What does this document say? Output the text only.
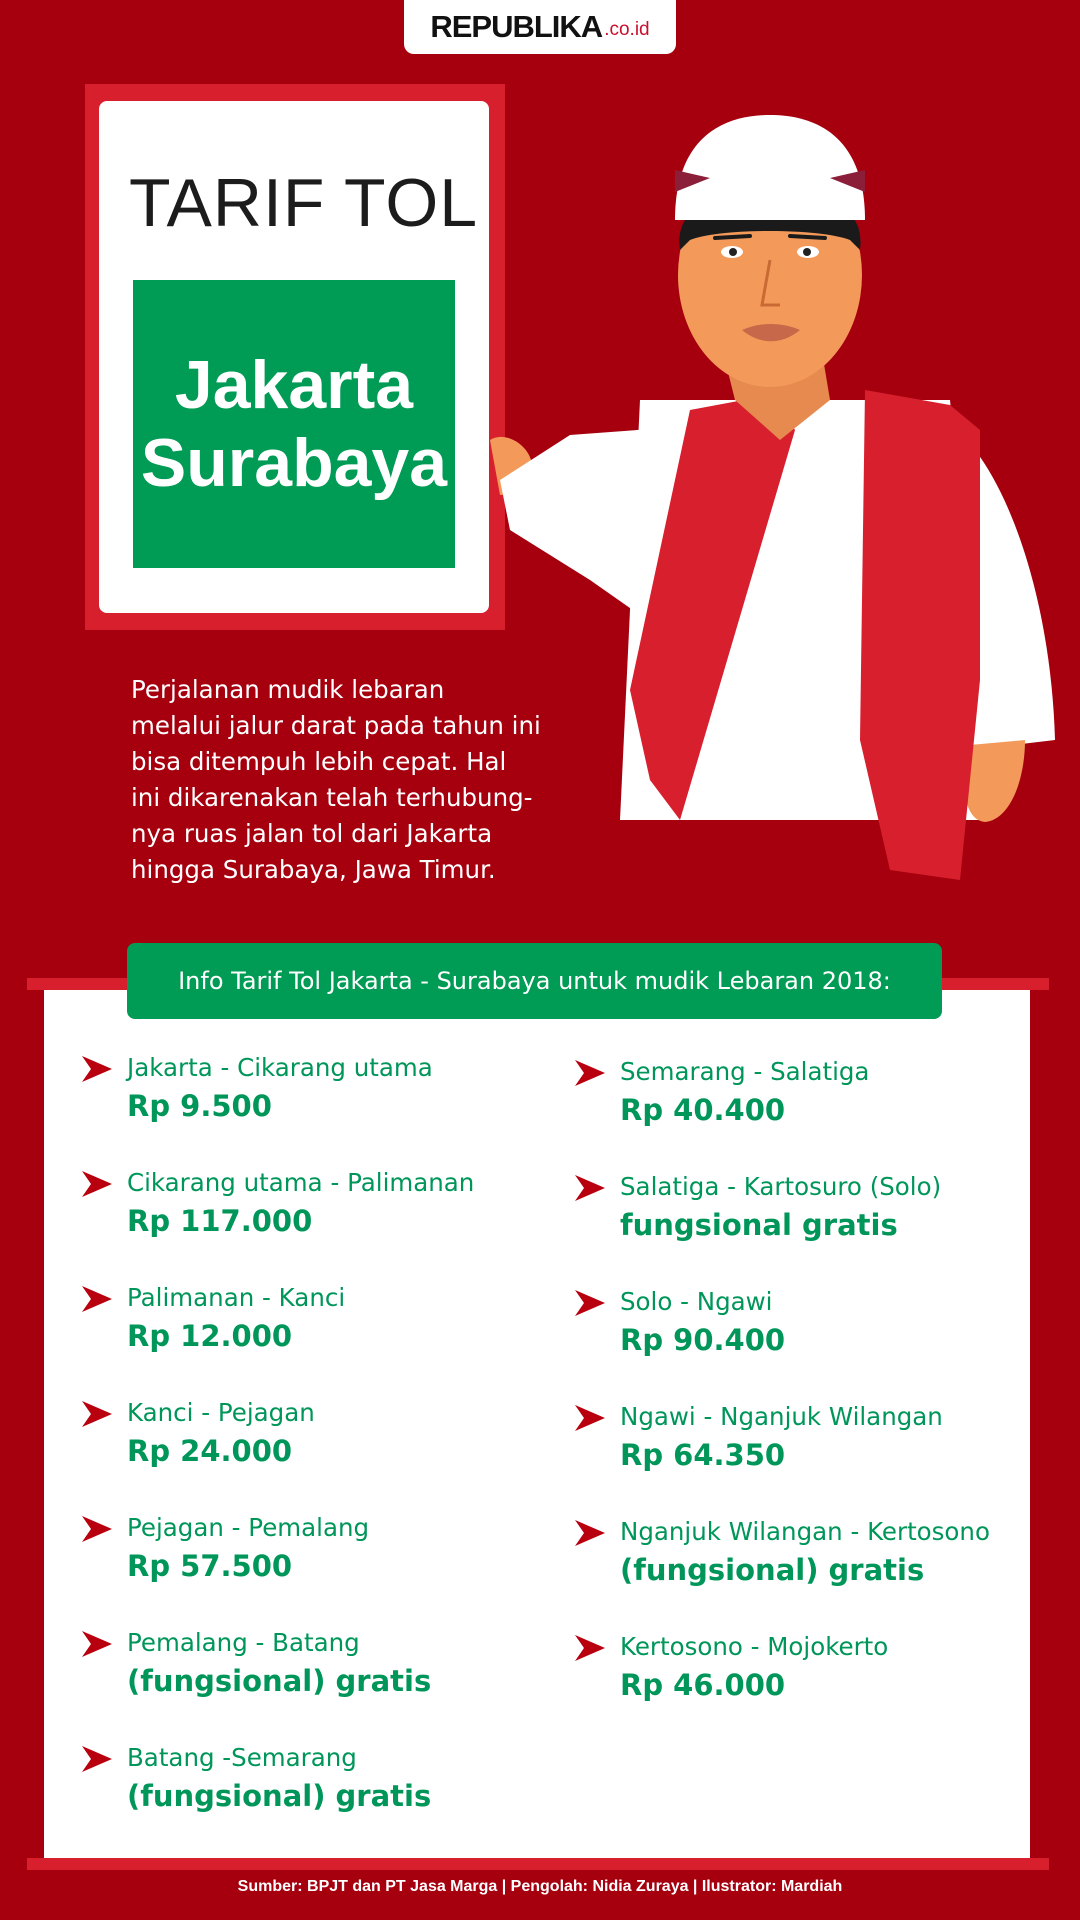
REPUBLIKA .co.id
TARIF TOL
Jakarta
Surabaya
Perjalanan mudik lebaran
melalui jalur darat pada tahun ini
bisa ditempuh lebih cepat. Hal
ini dikarenakan telah terhubung-
nya ruas jalan tol dari Jakarta
hingga Surabaya, Jawa Timur.
Info Tarif Tol Jakarta - Surabaya untuk mudik Lebaran 2018:
Jakarta - Cikarang utama
Rp 9.500
Cikarang utama - Palimanan
Rp 117.000
Palimanan - Kanci
Rp 12.000
Kanci - Pejagan
Rp 24.000
Pejagan - Pemalang
Rp 57.500
Pemalang - Batang
(fungsional) gratis
Batang -Semarang
(fungsional) gratis
Semarang - Salatiga
Rp 40.400
Salatiga - Kartosuro (Solo)
fungsional gratis
Solo - Ngawi
Rp 90.400
Ngawi - Nganjuk Wilangan
Rp 64.350
Nganjuk Wilangan - Kertosono
(fungsional) gratis
Kertosono - Mojokerto
Rp 46.000
Sumber: BPJT dan PT Jasa Marga | Pengolah: Nidia Zuraya | Ilustrator: Mardiah
